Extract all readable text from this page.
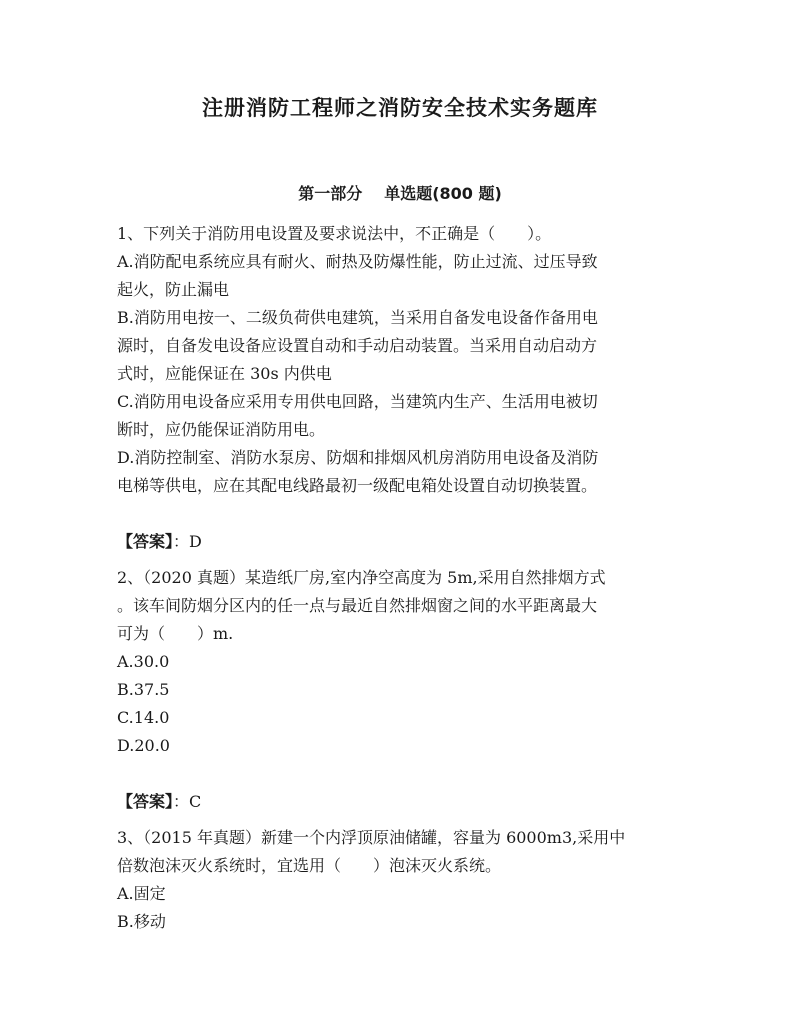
注册消防工程师之消防安全技术实务题库
第一部分 单选题(800 题)
1、下列关于消防用电设置及要求说法中，不正确是（　　）。
A.消防配电系统应具有耐火、耐热及防爆性能，防止过流、过压导致
起火，防止漏电
B.消防用电按一、二级负荷供电建筑，当采用自备发电设备作备用电
源时，自备发电设备应设置自动和手动启动装置。当采用自动启动方
式时，应能保证在 30s 内供电
C.消防用电设备应采用专用供电回路，当建筑内生产、生活用电被切
断时，应仍能保证消防用电。
D.消防控制室、消防水泵房、防烟和排烟风机房消防用电设备及消防
电梯等供电，应在其配电线路最初一级配电箱处设置自动切换装置。
【答案】：D
2、（2020 真题）某造纸厂房,室内净空高度为 5m,采用自然排烟方式
。该车间防烟分区内的任一点与最近自然排烟窗之间的水平距离最大
可为（　　）m.
A.30.0
B.37.5
C.14.0
D.20.0
【答案】：C
3、（2015 年真题）新建一个内浮顶原油储罐，容量为 6000m3,采用中
倍数泡沫灭火系统时，宜选用（　　）泡沫灭火系统。
A.固定
B.移动
